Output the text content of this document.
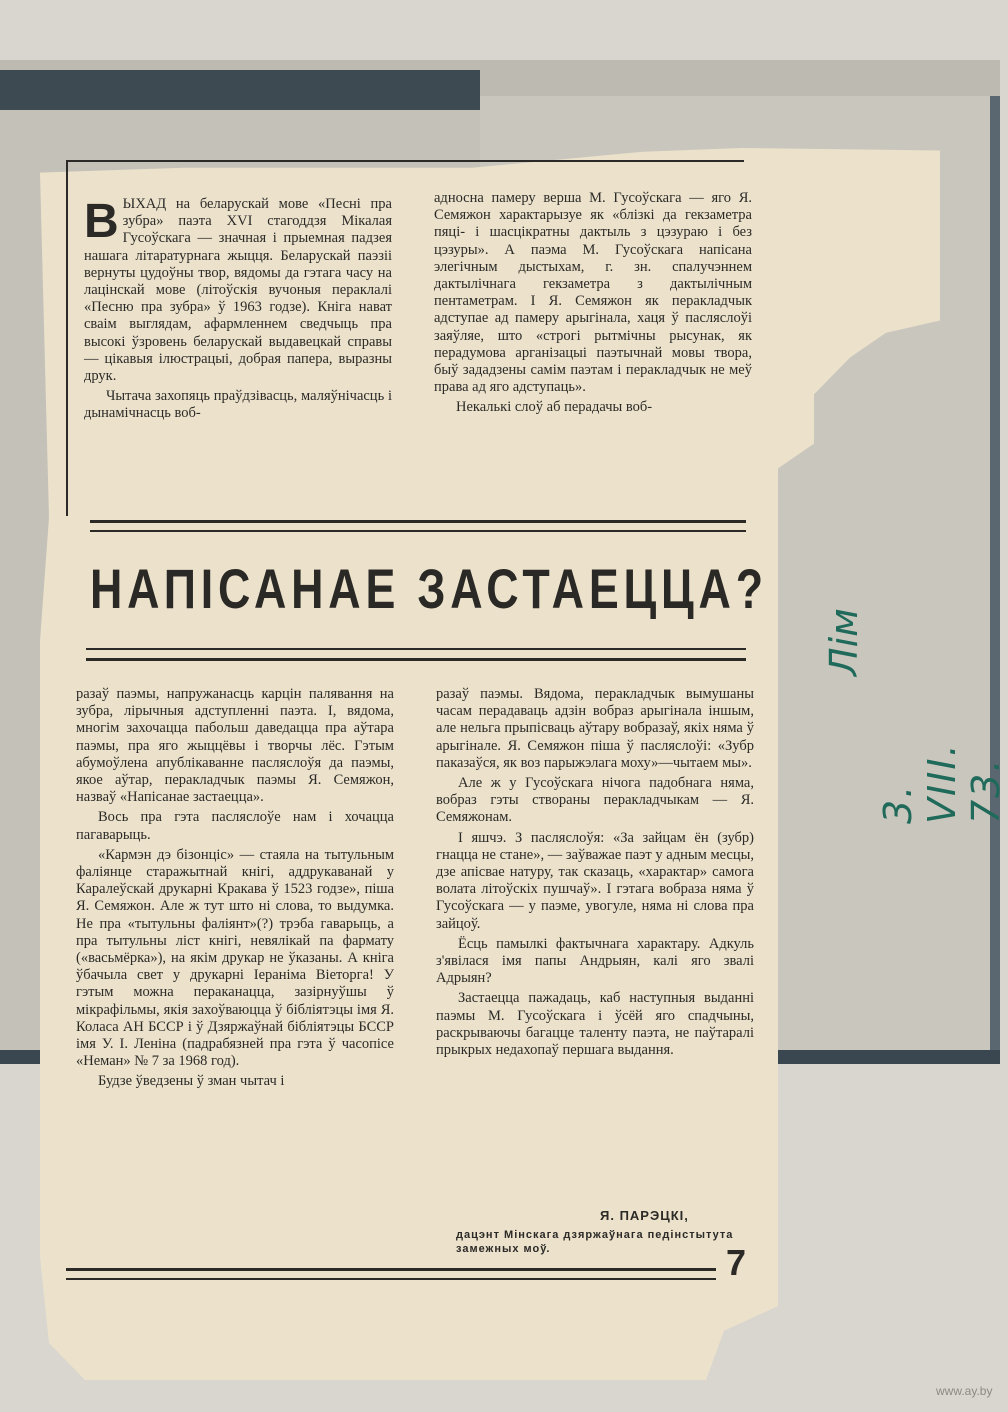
Лiм
3. VIII. 73.
В ЫХАД на беларускай мове «Песні пра зубра» паэта XVI стагоддзя Мікалая Гусоўскага — значная і прыемная падзея нашага літаратурнага жыцця. Беларускай паэзіі вернуты цудоўны твор, вядомы да гэтага часу на лацінскай мове (літоўскія вучоныя пераклалі «Песню пра зубра» ў 1963 годзе). Кніга нават сваім выглядам, афармленнем сведчыць пра высокі ўзровень беларускай выдавецкай справы — цікавыя ілюстрацыі, добрая папера, выразны друк.

Чытача захопяць праўдзівасць, маляўнічасць і дынамічнасць воб-

адносна памеру верша М. Гусоўскага — яго Я. Семяжон характарызуе як «блізкі да гекзаметра пяці- і шасцікратны дактыль з цэзураю і без цэзуры». А паэма М. Гусоўскага напісана элегічным дыстыхам, г. зн. спалучэннем дактылічнага гекзаметра з дактылічным пентаметрам. І Я. Семяжон як перакладчык адступае ад памеру арыгінала, хаця ў пасляслоўі заяўляе, што «строгі рытмічны рысунак, як перадумова арганізацыі паэтычнай мовы твора, быў зададзены самім паэтам і перакладчык не меў права ад яго адступаць».

Некалькі слоў аб перадачы воб-

НАПІСАНАЕ ЗАСТАЕЦЦА?

разаў паэмы, напружанасць карцін палявання на зубра, лірычныя адступленні паэта. І, вядома, многім захочацца пабольш даведацца пра аўтара паэмы, пра яго жыццёвы і творчы лёс. Гэтым абумоўлена апублікаванне пасляслоўя да паэмы, якое аўтар, перакладчык паэмы Я. Семяжон, назваў «Напісанае застаецца».

Вось пра гэта пасляслоўе нам і хочацца пагаварыць.

«Кармэн дэ бізонціс» — стаяла на тытульным фаліянце старажытнай кнігі, аддрукаванай у Каралеўскай друкарні Кракава ў 1523 годзе», піша Я. Семяжон. Але ж тут што ні слова, то выдумка. Не пра «тытульны фаліянт»(?) трэба гаварыць, а пра тытульны ліст кнігі, невялікай па фармату («васьмёрка»), на якім друкар не ўказаны. А кніга ўбачыла свет у друкарні Іераніма Віеторга! У гэтым можна пераканацца, зазірнуўшы ў мікрафільмы, якія захоўваюцца ў бібліятэцы імя Я. Коласа АН БССР і ў Дзяржаўнай бібліятэцы БССР імя У. І. Леніна (падрабязней пра гэта ў часопісе «Неман» № 7 за 1968 год).

Будзе ўведзены ў зман чытач і

разаў паэмы. Вядома, перакладчык вымушаны часам перадаваць адзін вобраз арыгінала іншым, але нельга прыпісваць аўтару вобразаў, якіх няма ў арыгінале. Я. Семяжон піша ў пасляслоўі: «Зубр паказаўся, як воз парыжэлага моху»—чытаем мы».

Але ж у Гусоўскага нічога падобнага няма, вобраз гэты створаны перакладчыкам — Я. Семяжонам.

І яшчэ. З пасляслоўя: «За зайцам ён (зубр) гнацца не стане», — заўважае паэт у адным месцы, дзе апісвае натуру, так сказаць, «характар» самога волата літоўскіх пушчаў». І гэтага вобраза няма ў Гусоўскага — у паэме, увогуле, няма ні слова пра зайцоў.

Ёсць памылкі фактычнага характару. Адкуль з'явілася імя папы Андрыян, калі яго звалі Адрыян?

Застаецца пажадаць, каб наступныя выданні паэмы М. Гусоўскага і ўсёй яго спадчыны, раскрываючы багацце таленту паэта, не паўтаралі прыкрых недахопаў першага выдання.

Я. ПАРЭЦКІ,
дацэнт Мінскага дзяржаўнага педінстытута замежных моў.	7
www.ay.by
